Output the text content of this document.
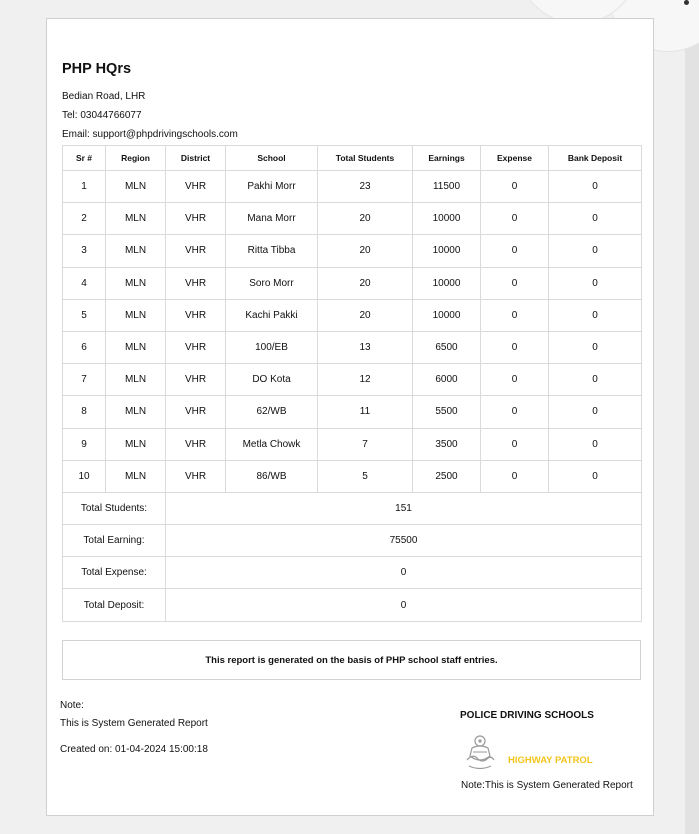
PHP HQrs
Bedian Road, LHR
Tel: 03044766077
Email: support@phpdrivingschools.com
Sr #	Region	District	School	Total Students	Earnings	Expense	Bank Deposit
1	MLN	VHR	Pakhi Morr	23	11500	0	0
2	MLN	VHR	Mana Morr	20	10000	0	0
3	MLN	VHR	Ritta Tibba	20	10000	0	0
4	MLN	VHR	Soro Morr	20	10000	0	0
5	MLN	VHR	Kachi Pakki	20	10000	0	0
6	MLN	VHR	100/EB	13	6500	0	0
7	MLN	VHR	DO Kota	12	6000	0	0
8	MLN	VHR	62/WB	11	5500	0	0
9	MLN	VHR	Metla Chowk	7	3500	0	0
10	MLN	VHR	86/WB	5	2500	0	0
Total Students:		151					
Total Earning:		75500					
Total Expense:		0					
Total Deposit:		0					
This report is generated on the basis of PHP school staff entries.
Note:
This is System Generated Report
Created on: 01-04-2024 15:00:18
POLICE DRIVING SCHOOLS
HIGHWAY PATROL
Note:This is System Generated Report
